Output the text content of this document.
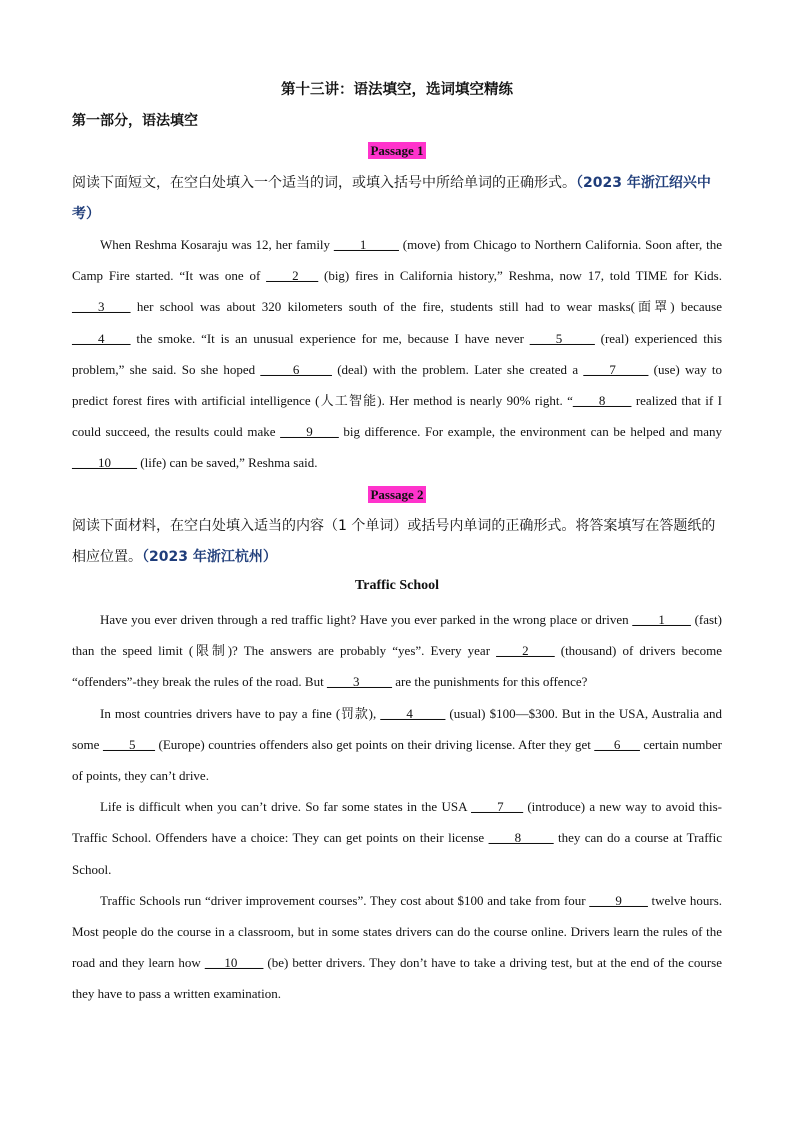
第十三讲：语法填空，选词填空精练
第一部分，语法填空
Passage 1
阅读下面短文，在空白处填入一个适当的词，或填入括号中所给单词的正确形式。（2023 年浙江绍兴中考）

When Reshma Kosaraju was 12, her family ____1_____ (move) from Chicago to Northern California. Soon after, the Camp Fire started. “It was one of ____2___ (big) fires in California history,” Reshma, now 17, told TIME for Kids. ____3____ her school was about 320 kilometers south of the fire, students still had to wear masks(面罩) because ____4____ the smoke. “It is an unusual experience for me, because I have never ____5_____ (real) experienced this problem,” she said. So she hoped _____6_____ (deal) with the problem. Later she created a ____7_____ (use) way to predict forest fires with artificial intelligence (人工智能). Her method is nearly 90% right. “____8____ realized that if I could succeed, the results could make ____9____ big difference. For example, the environment can be helped and many ____10____ (life) can be saved,” Reshma said.

Passage 2
阅读下面材料，在空白处填入适当的内容（1 个单词）或括号内单词的正确形式。将答案填写在答题纸的相应位置。（2023 年浙江杭州）
Traffic School

Have you ever driven through a red traffic light? Have you ever parked in the wrong place or driven ____1____ (fast) than the speed limit (限制)? The answers are probably “yes”. Every year ____2____ (thousand) of drivers become “offenders”-they break the rules of the road. But ____3_____ are the punishments for this offence?

In most countries drivers have to pay a fine (罚款), ____4_____ (usual) $100—$300. But in the USA, Australia and some ____5___ (Europe) countries offenders also get points on their driving license. After they get ___6___ certain number of points, they can’t drive.

Life is difficult when you can’t drive. So far some states in the USA ____7___ (introduce) a new way to avoid this-Traffic School. Offenders have a choice: They can get points on their license ____8_____ they can do a course at Traffic School.

Traffic Schools run “driver improvement courses”. They cost about $100 and take from four ____9____ twelve hours. Most people do the course in a classroom, but in some states drivers can do the course online. Drivers learn the rules of the road and they learn how ___10____ (be) better drivers. They don’t have to take a driving test, but at the end of the course they have to pass a written examination.
